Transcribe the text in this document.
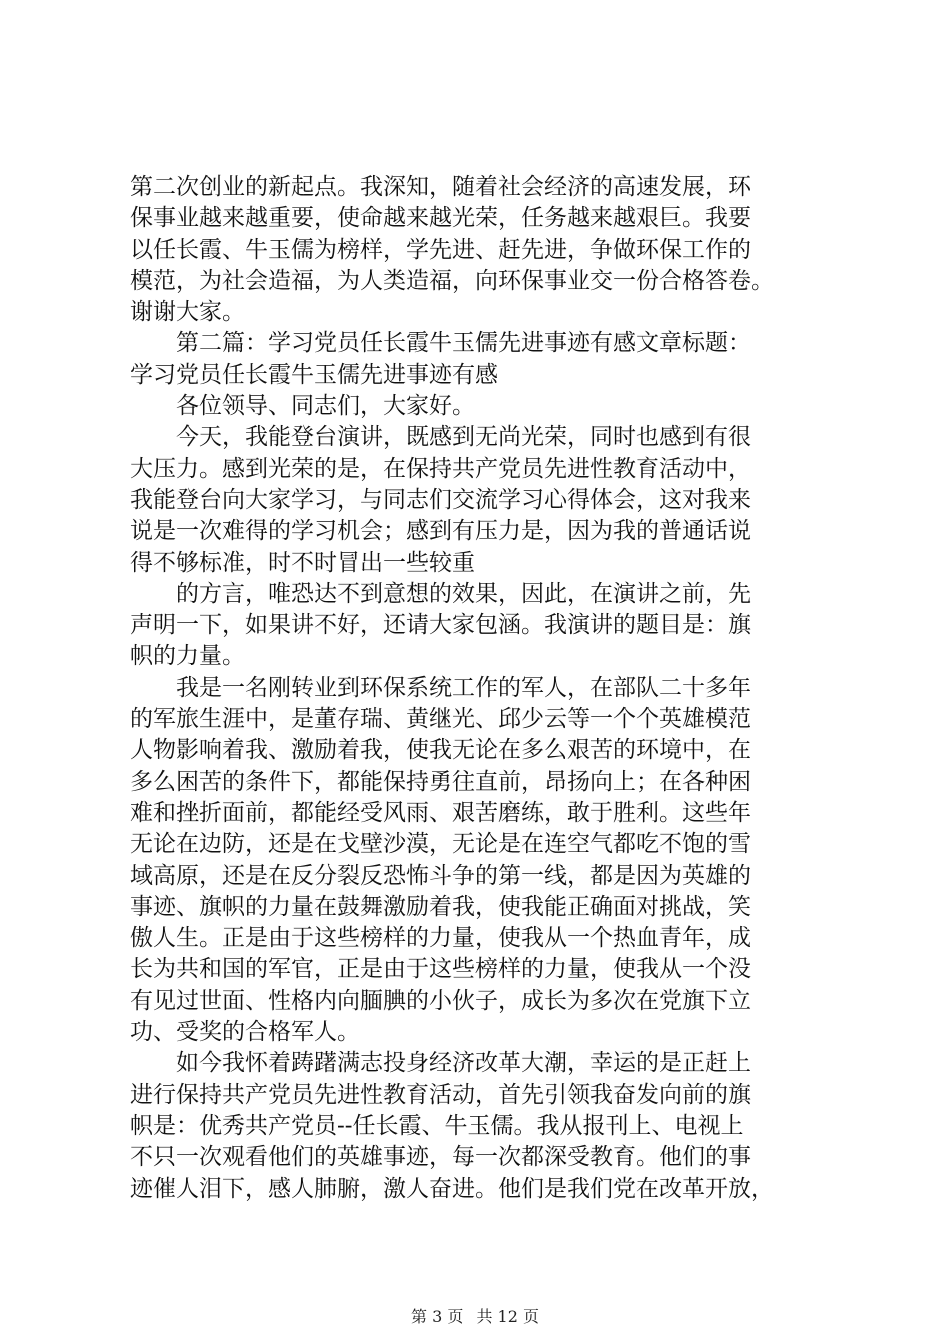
第二次创业的新起点。我深知，随着社会经济的高速发展，环
保事业越来越重要，使命越来越光荣，任务越来越艰巨。我要
以任长霞、牛玉儒为榜样，学先进、赶先进，争做环保工作的
模范，为社会造福，为人类造福，向环保事业交一份合格答卷。
谢谢大家。
第二篇：学习党员任长霞牛玉儒先进事迹有感文章标题：
学习党员任长霞牛玉儒先进事迹有感
各位领导、同志们，大家好。
今天，我能登台演讲，既感到无尚光荣，同时也感到有很
大压力。感到光荣的是，在保持共产党员先进性教育活动中，
我能登台向大家学习，与同志们交流学习心得体会，这对我来
说是一次难得的学习机会；感到有压力是，因为我的普通话说
得不够标准，时不时冒出一些较重
的方言，唯恐达不到意想的效果，因此，在演讲之前，先
声明一下，如果讲不好，还请大家包涵。我演讲的题目是：旗
帜的力量。
我是一名刚转业到环保系统工作的军人，在部队二十多年
的军旅生涯中，是董存瑞、黄继光、邱少云等一个个英雄模范
人物影响着我、激励着我，使我无论在多么艰苦的环境中，在
多么困苦的条件下，都能保持勇往直前，昂扬向上；在各种困
难和挫折面前，都能经受风雨、艰苦磨练，敢于胜利。这些年
无论在边防，还是在戈壁沙漠，无论是在连空气都吃不饱的雪
域高原，还是在反分裂反恐怖斗争的第一线，都是因为英雄的
事迹、旗帜的力量在鼓舞激励着我，使我能正确面对挑战，笑
傲人生。正是由于这些榜样的力量，使我从一个热血青年，成
长为共和国的军官，正是由于这些榜样的力量，使我从一个没
有见过世面、性格内向腼腆的小伙子，成长为多次在党旗下立
功、受奖的合格军人。
如今我怀着踌躇满志投身经济改革大潮，幸运的是正赶上
进行保持共产党员先进性教育活动，首先引领我奋发向前的旗
帜是：优秀共产党员--任长霞、牛玉儒。我从报刊上、电视上
不只一次观看他们的英雄事迹，每一次都深受教育。他们的事
迹催人泪下，感人肺腑，激人奋进。他们是我们党在改革开放，
第 3 页 共 12 页
